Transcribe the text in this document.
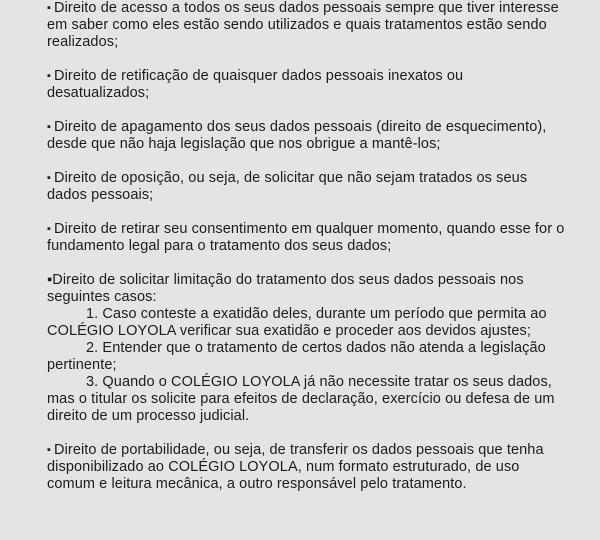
▪ Direito de acesso a todos os seus dados pessoais sempre que tiver interesse em saber como eles estão sendo utilizados e quais tratamentos estão sendo realizados;

▪ Direito de retificação de quaisquer dados pessoais inexatos ou desatualizados;

▪ Direito de apagamento dos seus dados pessoais (direito de esquecimento), desde que não haja legislação que nos obrigue a mantê-los;

▪ Direito de oposição, ou seja, de solicitar que não sejam tratados os seus dados pessoais;

▪ Direito de retirar seu consentimento em qualquer momento, quando esse for o fundamento legal para o tratamento dos seus dados;

▪Direito de solicitar limitação do tratamento dos seus dados pessoais nos seguintes casos:

1. Caso conteste a exatidão deles, durante um período que permita ao COLÉGIO LOYOLA verificar sua exatidão e proceder aos devidos ajustes;

2. Entender que o tratamento de certos dados não atenda a legislação pertinente;

3. Quando o COLÉGIO LOYOLA já não necessite tratar os seus dados, mas o titular os solicite para efeitos de declaração, exercício ou defesa de um direito de um processo judicial.

▪ Direito de portabilidade, ou seja, de transferir os dados pessoais que tenha disponibilizado ao COLÉGIO LOYOLA, num formato estruturado, de uso comum e leitura mecânica, a outro responsável pelo tratamento.
